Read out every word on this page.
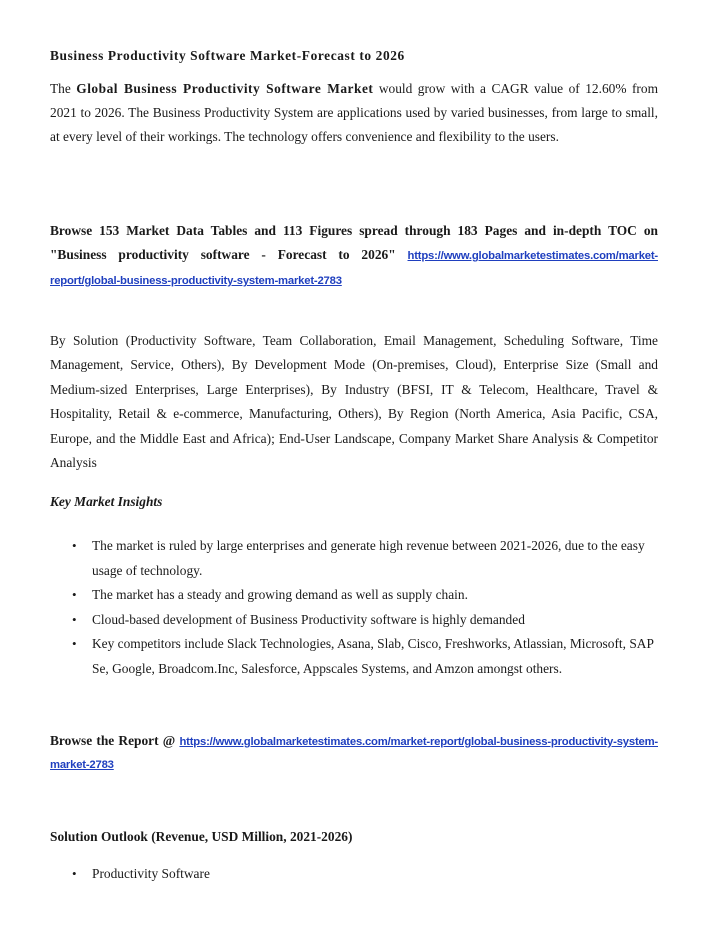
Business Productivity Software Market-Forecast to 2026

The Global Business Productivity Software Market would grow with a CAGR value of 12.60% from 2021 to 2026. The Business Productivity System are applications used by varied businesses, from large to small, at every level of their workings. The technology offers convenience and flexibility to the users.

Browse 153 Market Data Tables and 113 Figures spread through 183 Pages and in-depth TOC on "Business productivity software - Forecast to 2026" https://www.globalmarketestimates.com/market-report/global-business-productivity-system-market-2783

By Solution (Productivity Software, Team Collaboration, Email Management, Scheduling Software, Time Management, Service, Others), By Development Mode (On-premises, Cloud), Enterprise Size (Small and Medium-sized Enterprises, Large Enterprises), By Industry (BFSI, IT & Telecom, Healthcare, Travel & Hospitality, Retail & e-commerce, Manufacturing, Others), By Region (North America, Asia Pacific, CSA, Europe, and the Middle East and Africa); End-User Landscape, Company Market Share Analysis & Competitor Analysis

Key Market Insights

• The market is ruled by large enterprises and generate high revenue between 2021-2026, due to the easy usage of technology.
• The market has a steady and growing demand as well as supply chain.
• Cloud-based development of Business Productivity software is highly demanded
• Key competitors include Slack Technologies, Asana, Slab, Cisco, Freshworks, Atlassian, Microsoft, SAP Se, Google, Broadcom.Inc, Salesforce, Appscales Systems, and Amzon amongst others.

Browse the Report @ https://www.globalmarketestimates.com/market-report/global-business-productivity-system-market-2783

Solution Outlook (Revenue, USD Million, 2021-2026)

• Productivity Software
